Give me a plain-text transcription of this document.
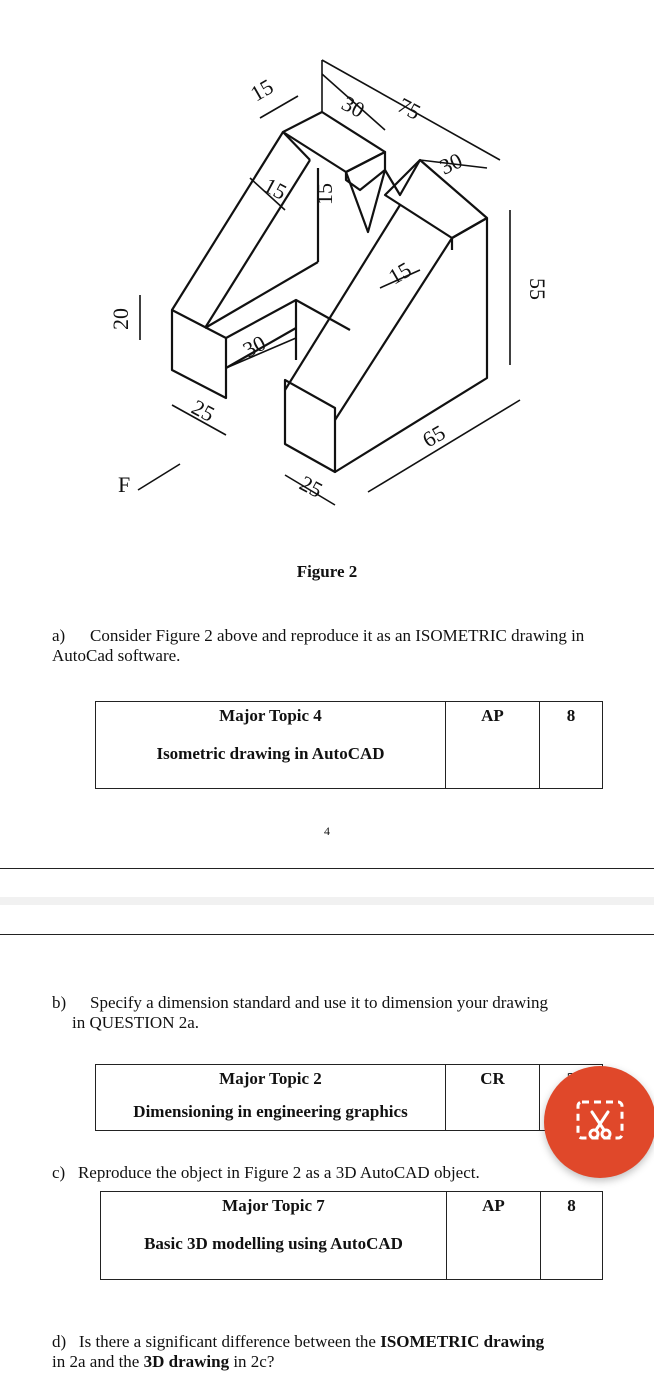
15
30 75
30
15 15
20
30
25
15	55
65
25
F
Figure 2
a) Consider Figure 2 above and reproduce it as an ISOMETRIC drawing in AutoCad software.
Major Topic 4
Isometric drawing in AutoCAD

AP	8
4
b) Specify a dimension standard and use it to dimension your drawing
in QUESTION 2a.
Major Topic 2
Dimensioning in engineering graphics

CR

c) Reproduce the object in Figure 2 as a 3D AutoCAD object.
Major Topic 7
Basic 3D modelling using AutoCAD

AP	8
d) Is there a significant difference between the ISOMETRIC drawing
in 2a and the 3D drawing in 2c?
